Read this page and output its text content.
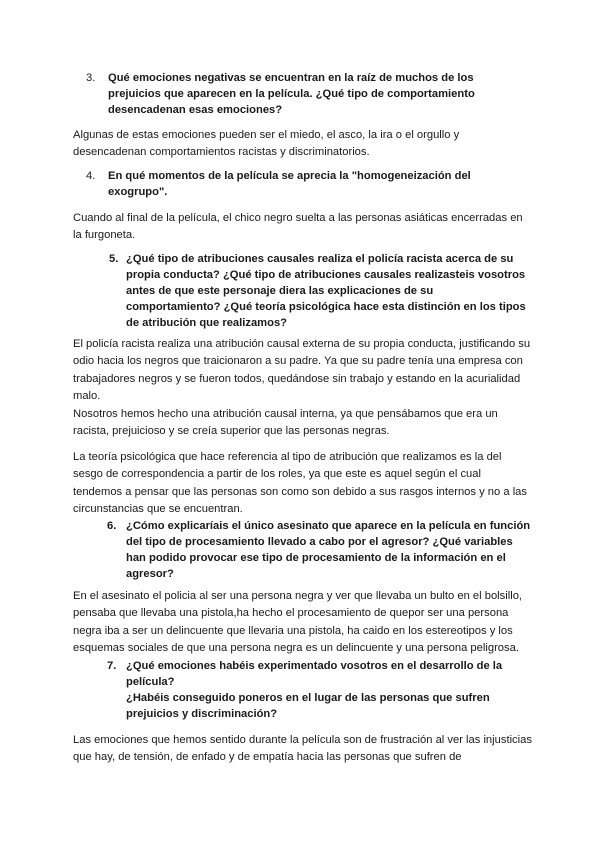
3. Qué emociones negativas se encuentran en la raíz de muchos de los
prejuicios que aparecen en la película. ¿Qué tipo de comportamiento
desencadenan esas emociones?
Algunas de estas emociones pueden ser el miedo, el asco, la ira o el orgullo y
desencadenan comportamientos racistas y discriminatorios.
4. En qué momentos de la película se aprecia la "homogeneización del
exogrupo".
Cuando al final de la película, el chico negro suelta a las personas asiáticas encerradas en
la furgoneta.
5. ¿Qué tipo de atribuciones causales realiza el policía racista acerca de su
propia conducta? ¿Qué tipo de atribuciones causales realizasteis vosotros
antes de que este personaje diera las explicaciones de su
comportamiento? ¿Qué teoría psicológica hace esta distinción en los tipos
de atribución que realizamos?
El policía racista realiza una atribución causal externa de su propia conducta, justificando su
odio hacia los negros que traicionaron a su padre. Ya que su padre tenía una empresa con
trabajadores negros y se fueron todos, quedándose sin trabajo y estando en la acurialidad
malo.
Nosotros hemos hecho una atribución causal interna, ya que pensábamos que era un
racista, prejuicioso y se creía superior que las personas negras.
La teoría psicológica que hace referencia al tipo de atribución que realizamos es la del
sesgo de correspondencia a partir de los roles, ya que este es aquel según el cual
tendemos a pensar que las personas son como son debido a sus rasgos internos y no a las
circunstancias que se encuentran.
6. ¿Cómo explicaríais el único asesinato que aparece en la película en función
del tipo de procesamiento llevado a cabo por el agresor? ¿Qué variables
han podido provocar ese tipo de procesamiento de la información en el
agresor?
En el asesinato el policia al ser una persona negra y ver que llevaba un bulto en el bolsillo,
pensaba que llevaba una pistola,ha hecho el procesamiento de quepor ser una persona
negra iba a ser un delincuente que llevaria una pistola, ha caido en los estereotipos y los
esquemas sociales de que una persona negra es un delincuente y una persona peligrosa.
7. ¿Qué emociones habéis experimentado vosotros en el desarrollo de la
película?
¿Habéis conseguido poneros en el lugar de las personas que sufren
prejuicios y discriminación?
Las emociones que hemos sentido durante la película son de frustración al ver las injusticias
que hay, de tensión, de enfado y de empatía hacia las personas que sufren de
